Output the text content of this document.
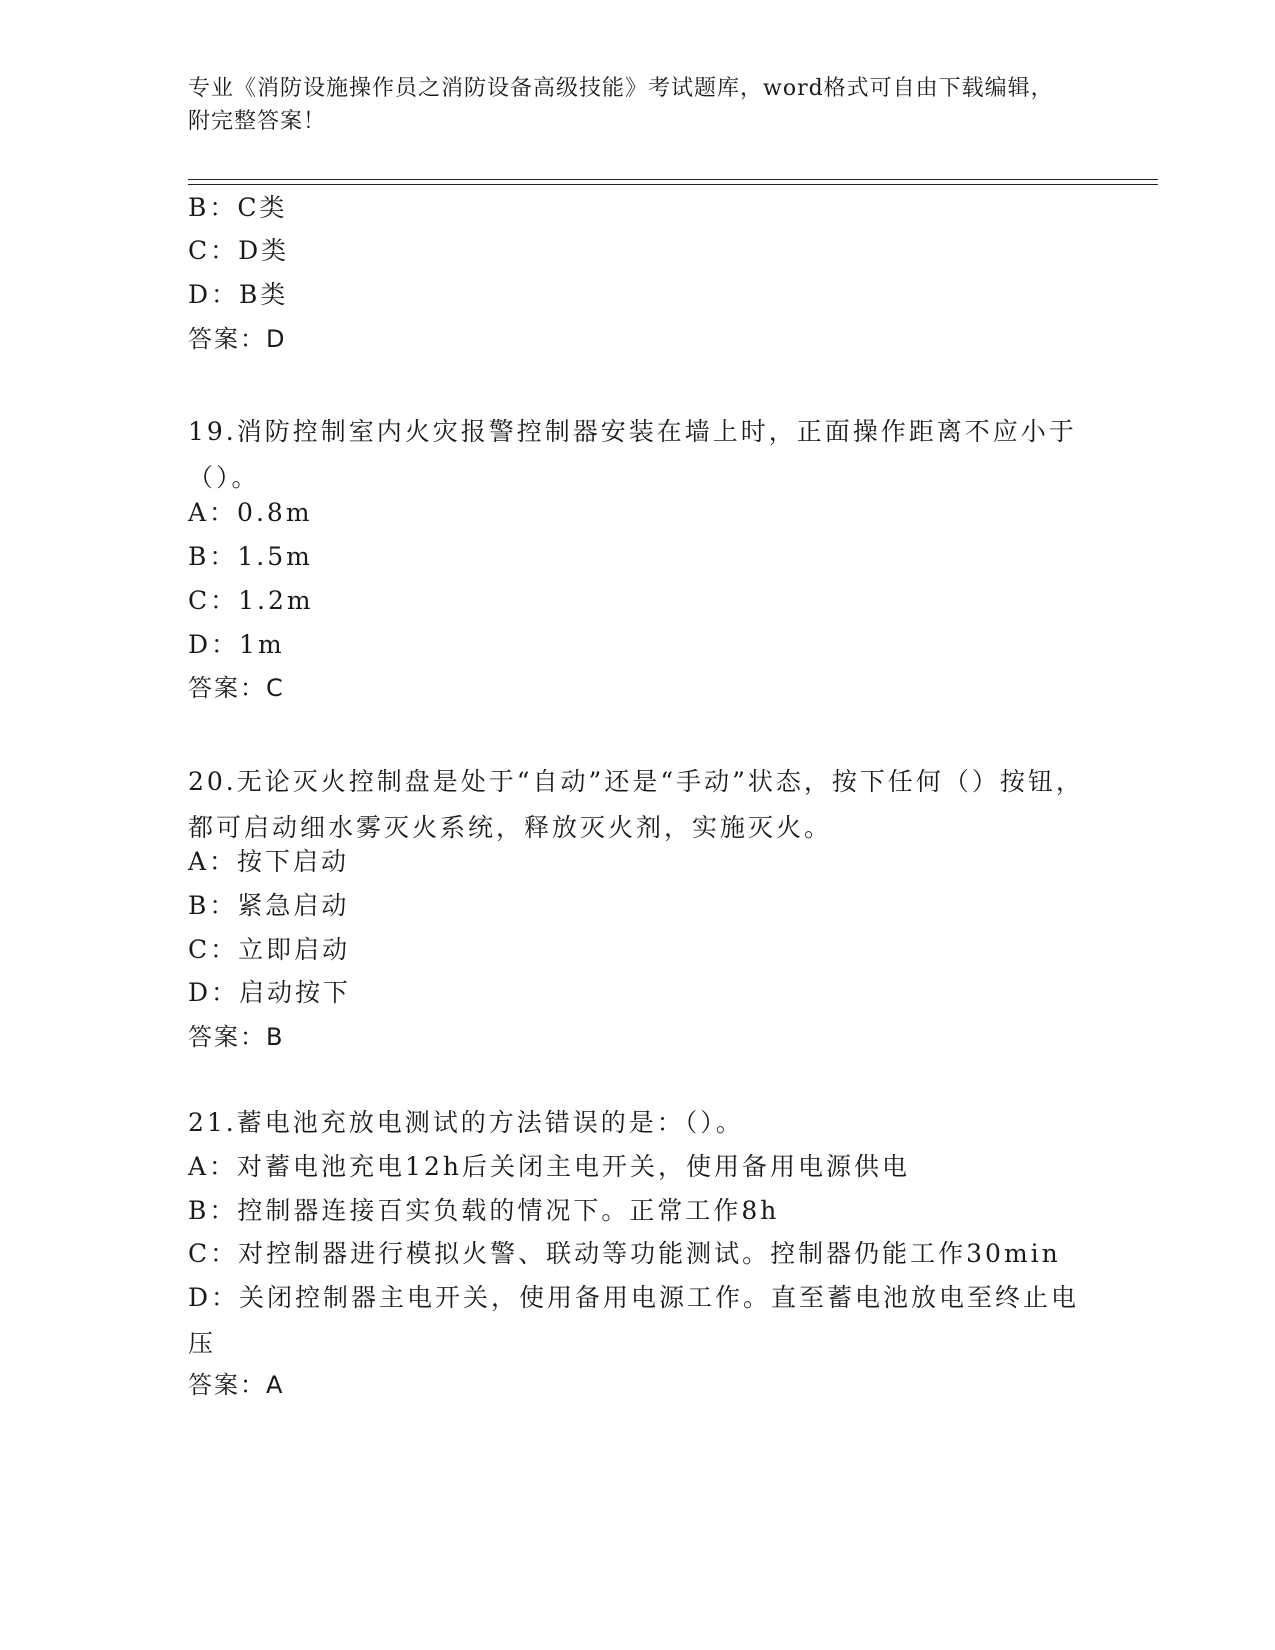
专业《消防设施操作员之消防设备高级技能》考试题库，word格式可自由下载编辑，附完整答案！
B：C类
C：D类
D：B类
答案：D
19.消防控制室内火灾报警控制器安装在墙上时，正面操作距离不应小于（）。
A：0.8m
B：1.5m
C：1.2m
D：1m
答案：C
20.无论灭火控制盘是处于“自动”还是“手动”状态，按下任何（）按钮，都可启动细水雾灭火系统，释放灭火剂，实施灭火。
A：按下启动
B：紧急启动
C：立即启动
D：启动按下
答案：B
21.蓄电池充放电测试的方法错误的是：（）。
A：对蓄电池充电12h后关闭主电开关，使用备用电源供电
B：控制器连接百实负载的情况下。正常工作8h
C：对控制器进行模拟火警、联动等功能测试。控制器仍能工作30min
D：关闭控制器主电开关，使用备用电源工作。直至蓄电池放电至终止电压
答案：A
